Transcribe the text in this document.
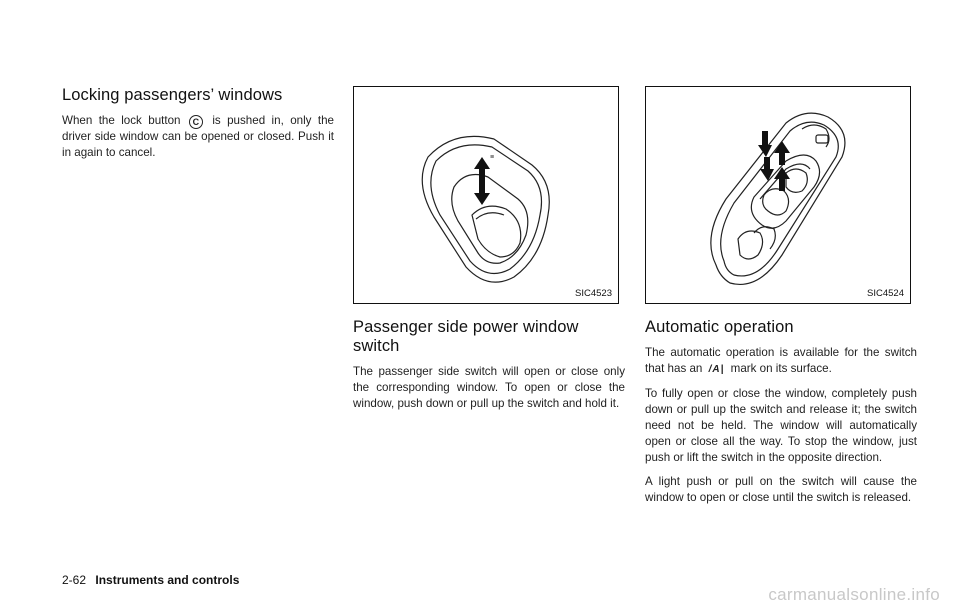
Locking passengers’ windows

When the lock button C is pushed in, only the driver side window can be opened or closed. Push it in again to cancel.	≡
SIC4523
Passenger side power window switch

The passenger side switch will open or close only the corresponding window. To open or close the window, push down or pull up the switch and hold it.

SIC4524
Automatic operation

The automatic operation is available for the switch that has an /A| mark on its surface.

To fully open or close the window, completely push down or pull up the switch and release it; the switch need not be held. The window will automatically open or close all the way. To stop the window, just push or lift the switch in the opposite direction.

A light push or pull on the switch will cause the window to open or close until the switch is released.

2-62 Instruments and controls
carmanualsonline.info
